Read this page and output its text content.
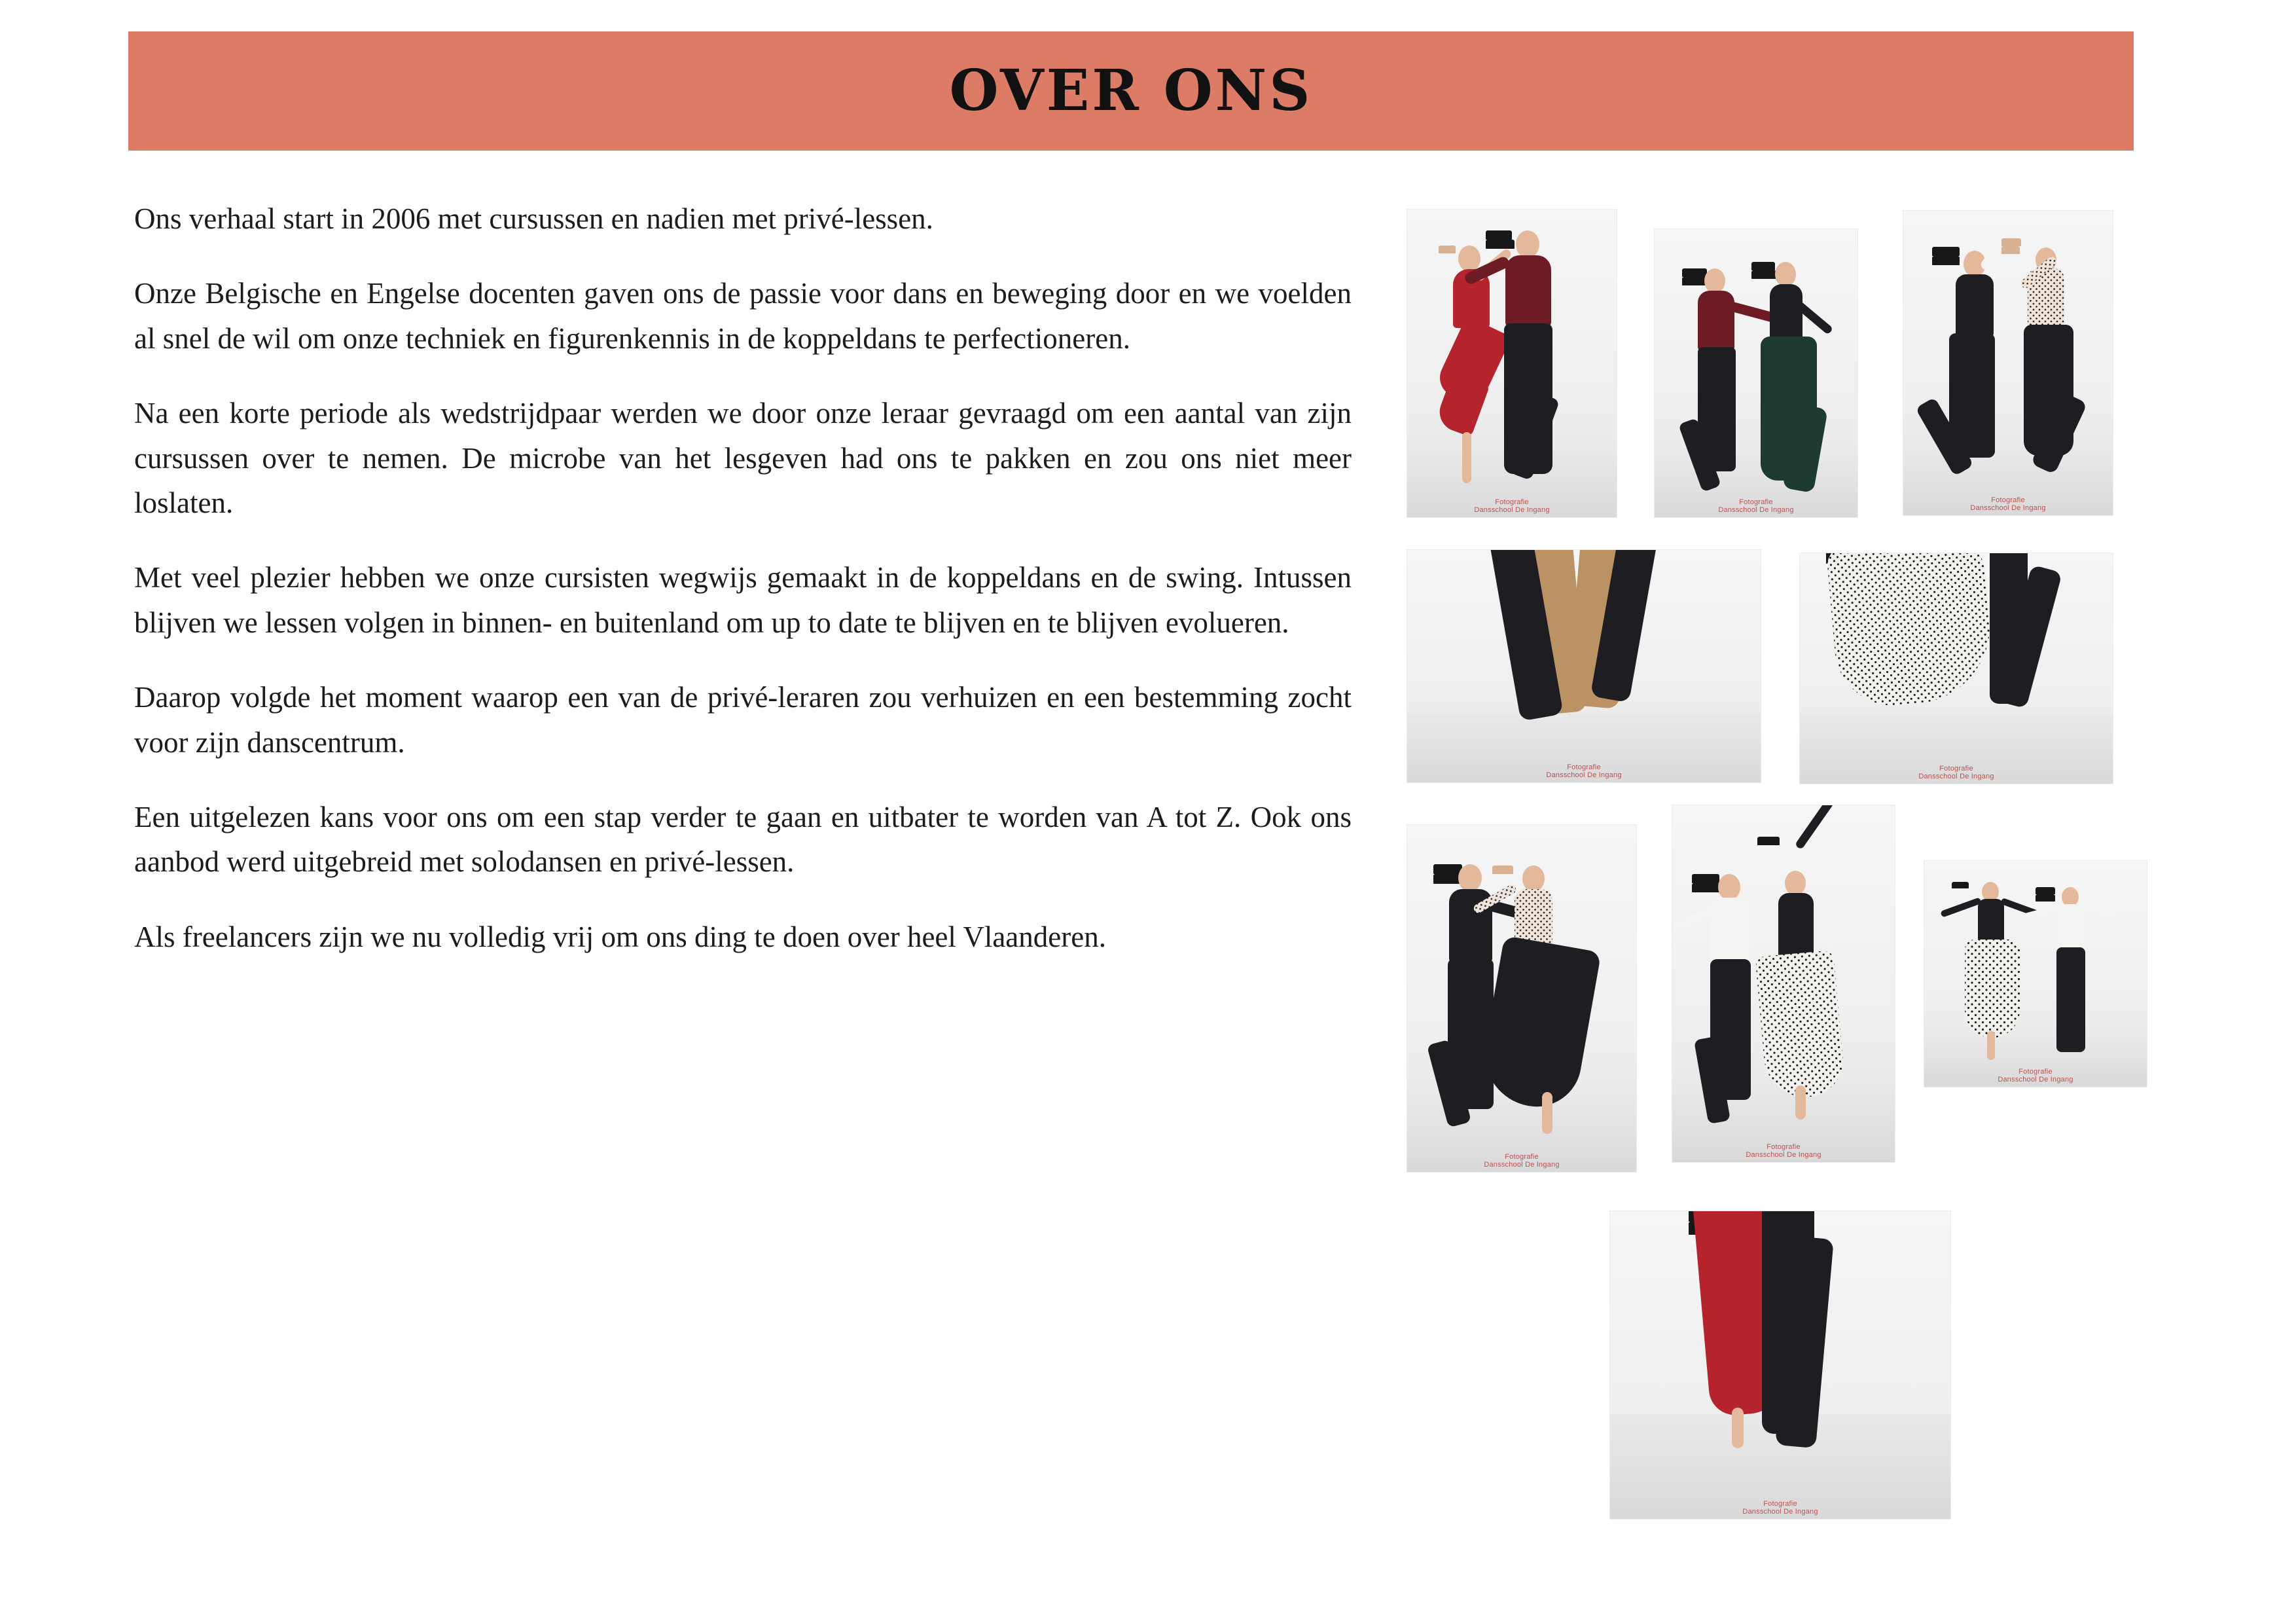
OVER ONS

Ons verhaal start in 2006 met cursussen en nadien met privé-lessen.

Onze Belgische en Engelse docenten gaven ons de passie voor dans en beweging door en we voelden al snel de wil om onze techniek en figurenkennis in de koppeldans te perfectioneren.

Na een korte periode als wedstrijdpaar werden we door onze leraar gevraagd om een aantal van zijn cursussen over te nemen. De microbe van het lesgeven had ons te pakken en zou ons niet meer loslaten.

Met veel plezier hebben we onze cursisten wegwijs gemaakt in de koppeldans en de swing. Intussen blijven we lessen volgen in binnen- en buitenland om up to date te blijven en te blijven evolueren.

Daarop volgde het moment waarop een van de privé-leraren zou verhuizen en een bestemming zocht voor zijn danscentrum.

Een uitgelezen kans voor ons om een stap verder te gaan en uitbater te worden van A tot Z. Ook ons aanbod werd uitgebreid met solodansen en privé-lessen.

Als freelancers zijn we nu volledig vrij om ons ding te doen over heel Vlaanderen.

Fotografie
Dansschool De Ingang
Fotografie
Dansschool De Ingang
Fotografie
Dansschool De Ingang
Fotografie
Dansschool De Ingang
Fotografie
Dansschool De Ingang
Fotografie
Dansschool De Ingang
Fotografie
Dansschool De Ingang
Fotografie
Dansschool De Ingang
Fotografie
Dansschool De Ingang
